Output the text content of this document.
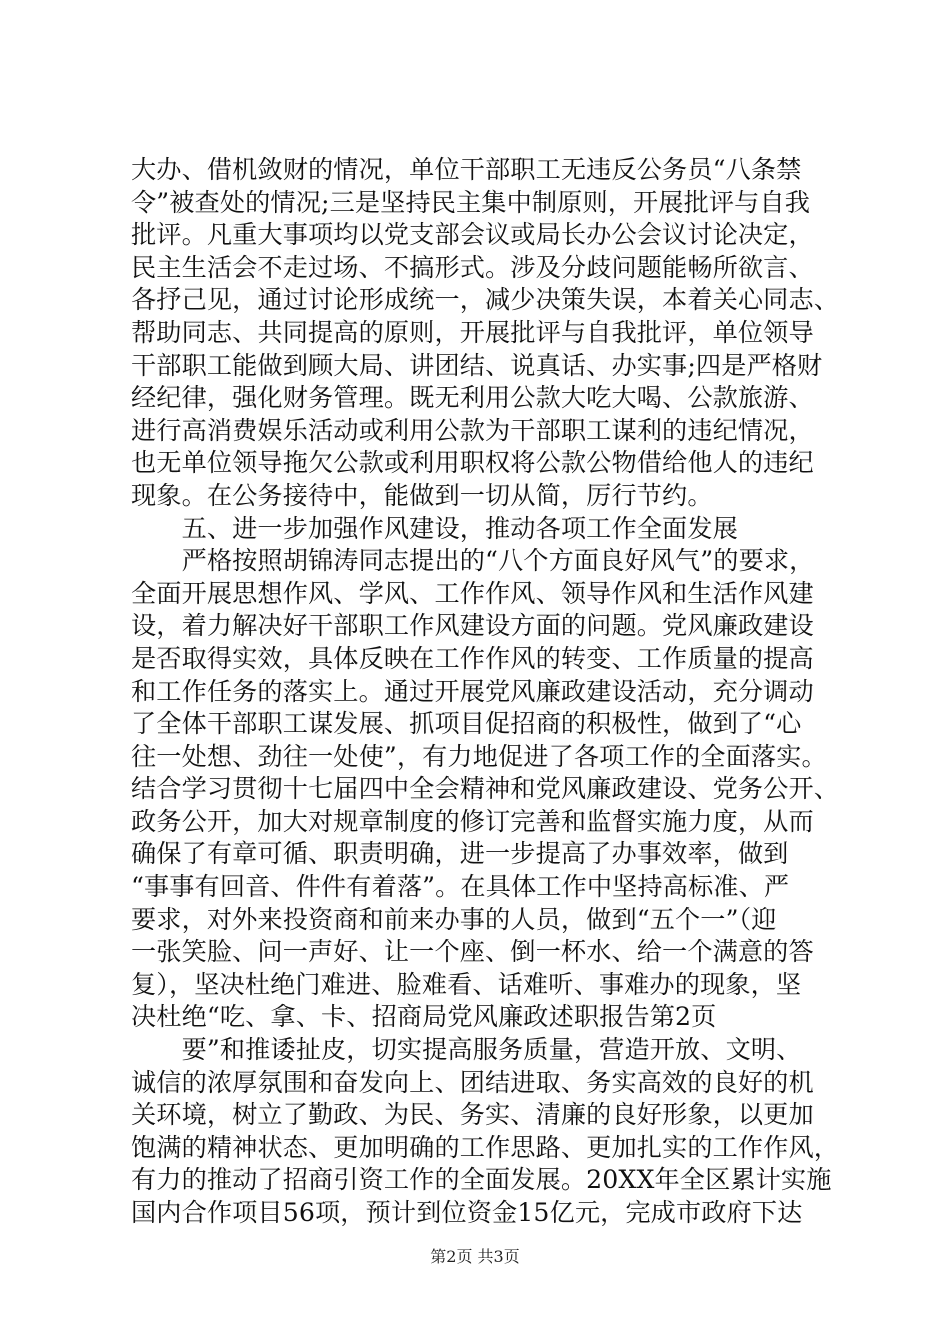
大办、借机敛财的情况，单位干部职工无违反公务员“八条禁
令”被查处的情况;三是坚持民主集中制原则，开展批评与自我
批评。凡重大事项均以党支部会议或局长办公会议讨论决定，
民主生活会不走过场、不搞形式。涉及分歧问题能畅所欲言、
各抒己见，通过讨论形成统一，减少决策失误，本着关心同志、
帮助同志、共同提高的原则，开展批评与自我批评，单位领导
干部职工能做到顾大局、讲团结、说真话、办实事;四是严格财
经纪律，强化财务管理。既无利用公款大吃大喝、公款旅游、
进行高消费娱乐活动或利用公款为干部职工谋利的违纪情况，
也无单位领导拖欠公款或利用职权将公款公物借给他人的违纪
现象。在公务接待中，能做到一切从简，厉行节约。
　　五、进一步加强作风建设，推动各项工作全面发展
　　严格按照胡锦涛同志提出的“八个方面良好风气”的要求，
全面开展思想作风、学风、工作作风、领导作风和生活作风建
设，着力解决好干部职工作风建设方面的问题。党风廉政建设
是否取得实效，具体反映在工作作风的转变、工作质量的提高
和工作任务的落实上。通过开展党风廉政建设活动，充分调动
了全体干部职工谋发展、抓项目促招商的积极性，做到了“心
往一处想、劲往一处使”，有力地促进了各项工作的全面落实。
结合学习贯彻十七届四中全会精神和党风廉政建设、党务公开、
政务公开，加大对规章制度的修订完善和监督实施力度，从而
确保了有章可循、职责明确，进一步提高了办事效率，做到
“事事有回音、件件有着落”。在具体工作中坚持高标准、严
要求，对外来投资商和前来办事的人员，做到“五个一”（迎
一张笑脸、问一声好、让一个座、倒一杯水、给一个满意的答
复），坚决杜绝门难进、脸难看、话难听、事难办的现象，坚
决杜绝“吃、拿、卡、招商局党风廉政述职报告第2页
　　要”和推诿扯皮，切实提高服务质量，营造开放、文明、
诚信的浓厚氛围和奋发向上、团结进取、务实高效的良好的机
关环境，树立了勤政、为民、务实、清廉的良好形象，以更加
饱满的精神状态、更加明确的工作思路、更加扎实的工作作风，
有力的推动了招商引资工作的全面发展。20XX年全区累计实施
国内合作项目56项，预计到位资金15亿元，完成市政府下达
第2页 共3页
